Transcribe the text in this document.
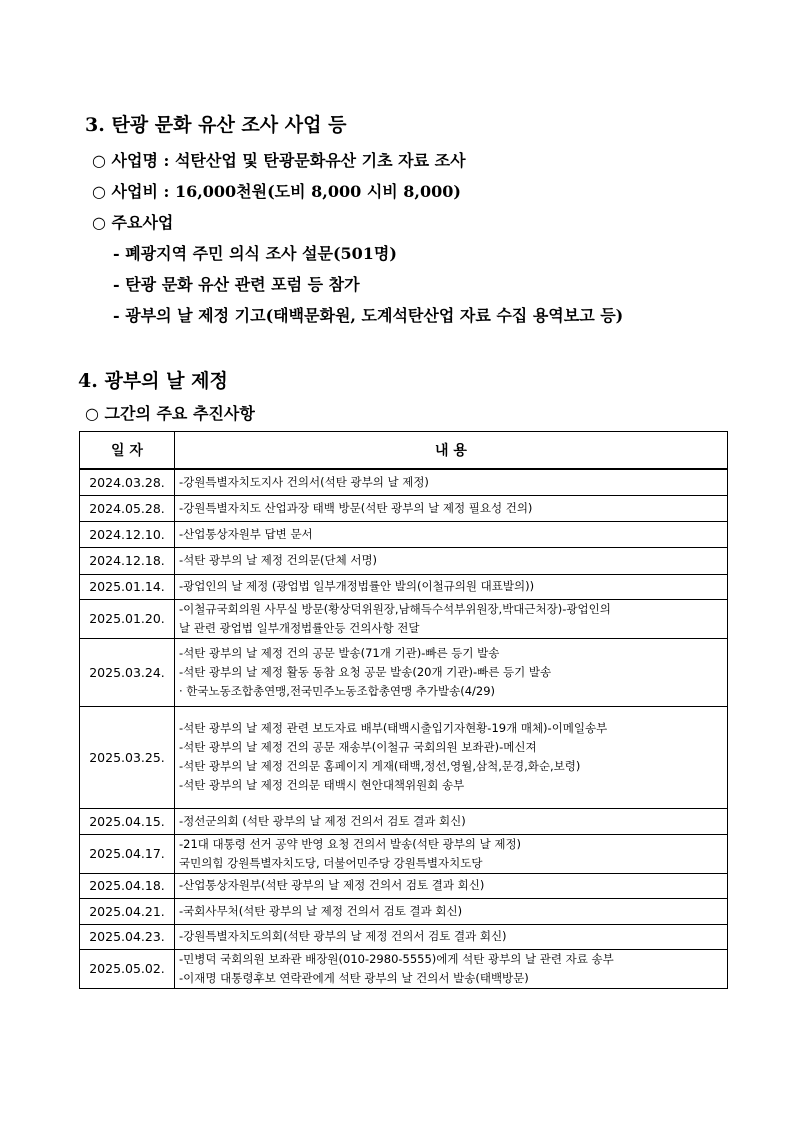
3. 탄광 문화 유산 조사 사업 등
○ 사업명 : 석탄산업 및 탄광문화유산 기초 자료 조사
○ 사업비 : 16,000천원(도비 8,000 시비 8,000)
○ 주요사업
- 폐광지역 주민 의식 조사 설문(501명)
- 탄광 문화 유산 관련 포럼 등 참가
- 광부의 날 제정 기고(태백문화원, 도계석탄산업 자료 수집 용역보고 등)
4. 광부의 날 제정
○ 그간의 주요 추진사항
일 자	내 용
2024.03.28.	-강원특별자치도지사 건의서(석탄 광부의 날 제정)

2024.05.28.	-강원특별자치도 산업과장 태백 방문(석탄 광부의 날 제정 필요성 건의)

2024.12.10.	-산업통상자원부 답변 문서

2024.12.18.	-석탄 광부의 날 제정 건의문(단체 서명)

2025.01.14.	-광업인의 날 제정 (광업법 일부개정법률안 발의(이철규의원 대표발의))

2025.01.20.	-이철규국회의원 사무실 방문(황상덕위원장,남해득수석부위원장,박대근처장)-광업인의
날 관련 광업법 일부개정법률안등 건의사항 전달

2025.03.24.	-석탄 광부의 날 제정 건의 공문 발송(71개 기관)-빠른 등기 발송
-석탄 광부의 날 제정 활동 동참 요청 공문 발송(20개 기관)-빠른 등기 발송
· 한국노동조합총연맹,전국민주노동조합총연맹 추가발송(4/29)

2025.03.25.	-석탄 광부의 날 제정 관련 보도자료 배부(태백시출입기자현황-19개 매체)-이메일송부
-석탄 광부의 날 제정 건의 공문 재송부(이철규 국회의원 보좌관)-메신져
-석탄 광부의 날 제정 건의문 홈페이지 게재(태백,정선,영월,삼척,문경,화순,보령)
-석탄 광부의 날 제정 건의문 태백시 현안대책위원회 송부

2025.04.15.	-정선군의회 (석탄 광부의 날 제정 건의서 검토 결과 회신)

2025.04.17.	-21대 대통령 선거 공약 반영 요청 건의서 발송(석탄 광부의 날 제정)
국민의힘 강원특별자치도당, 더불어민주당 강원특별자치도당

2025.04.18.	-산업통상자원부(석탄 광부의 날 제정 건의서 검토 결과 회신)

2025.04.21.	-국회사무처(석탄 광부의 날 제정 건의서 검토 결과 회신)

2025.04.23.	-강원특별자치도의회(석탄 광부의 날 제정 건의서 검토 결과 회신)

2025.05.02.	-민병덕 국회의원 보좌관 배장원(010-2980-5555)에게 석탄 광부의 날 관련 자료 송부
-이재명 대통령후보 연락관에게 석탄 광부의 날 건의서 발송(태백방문)
